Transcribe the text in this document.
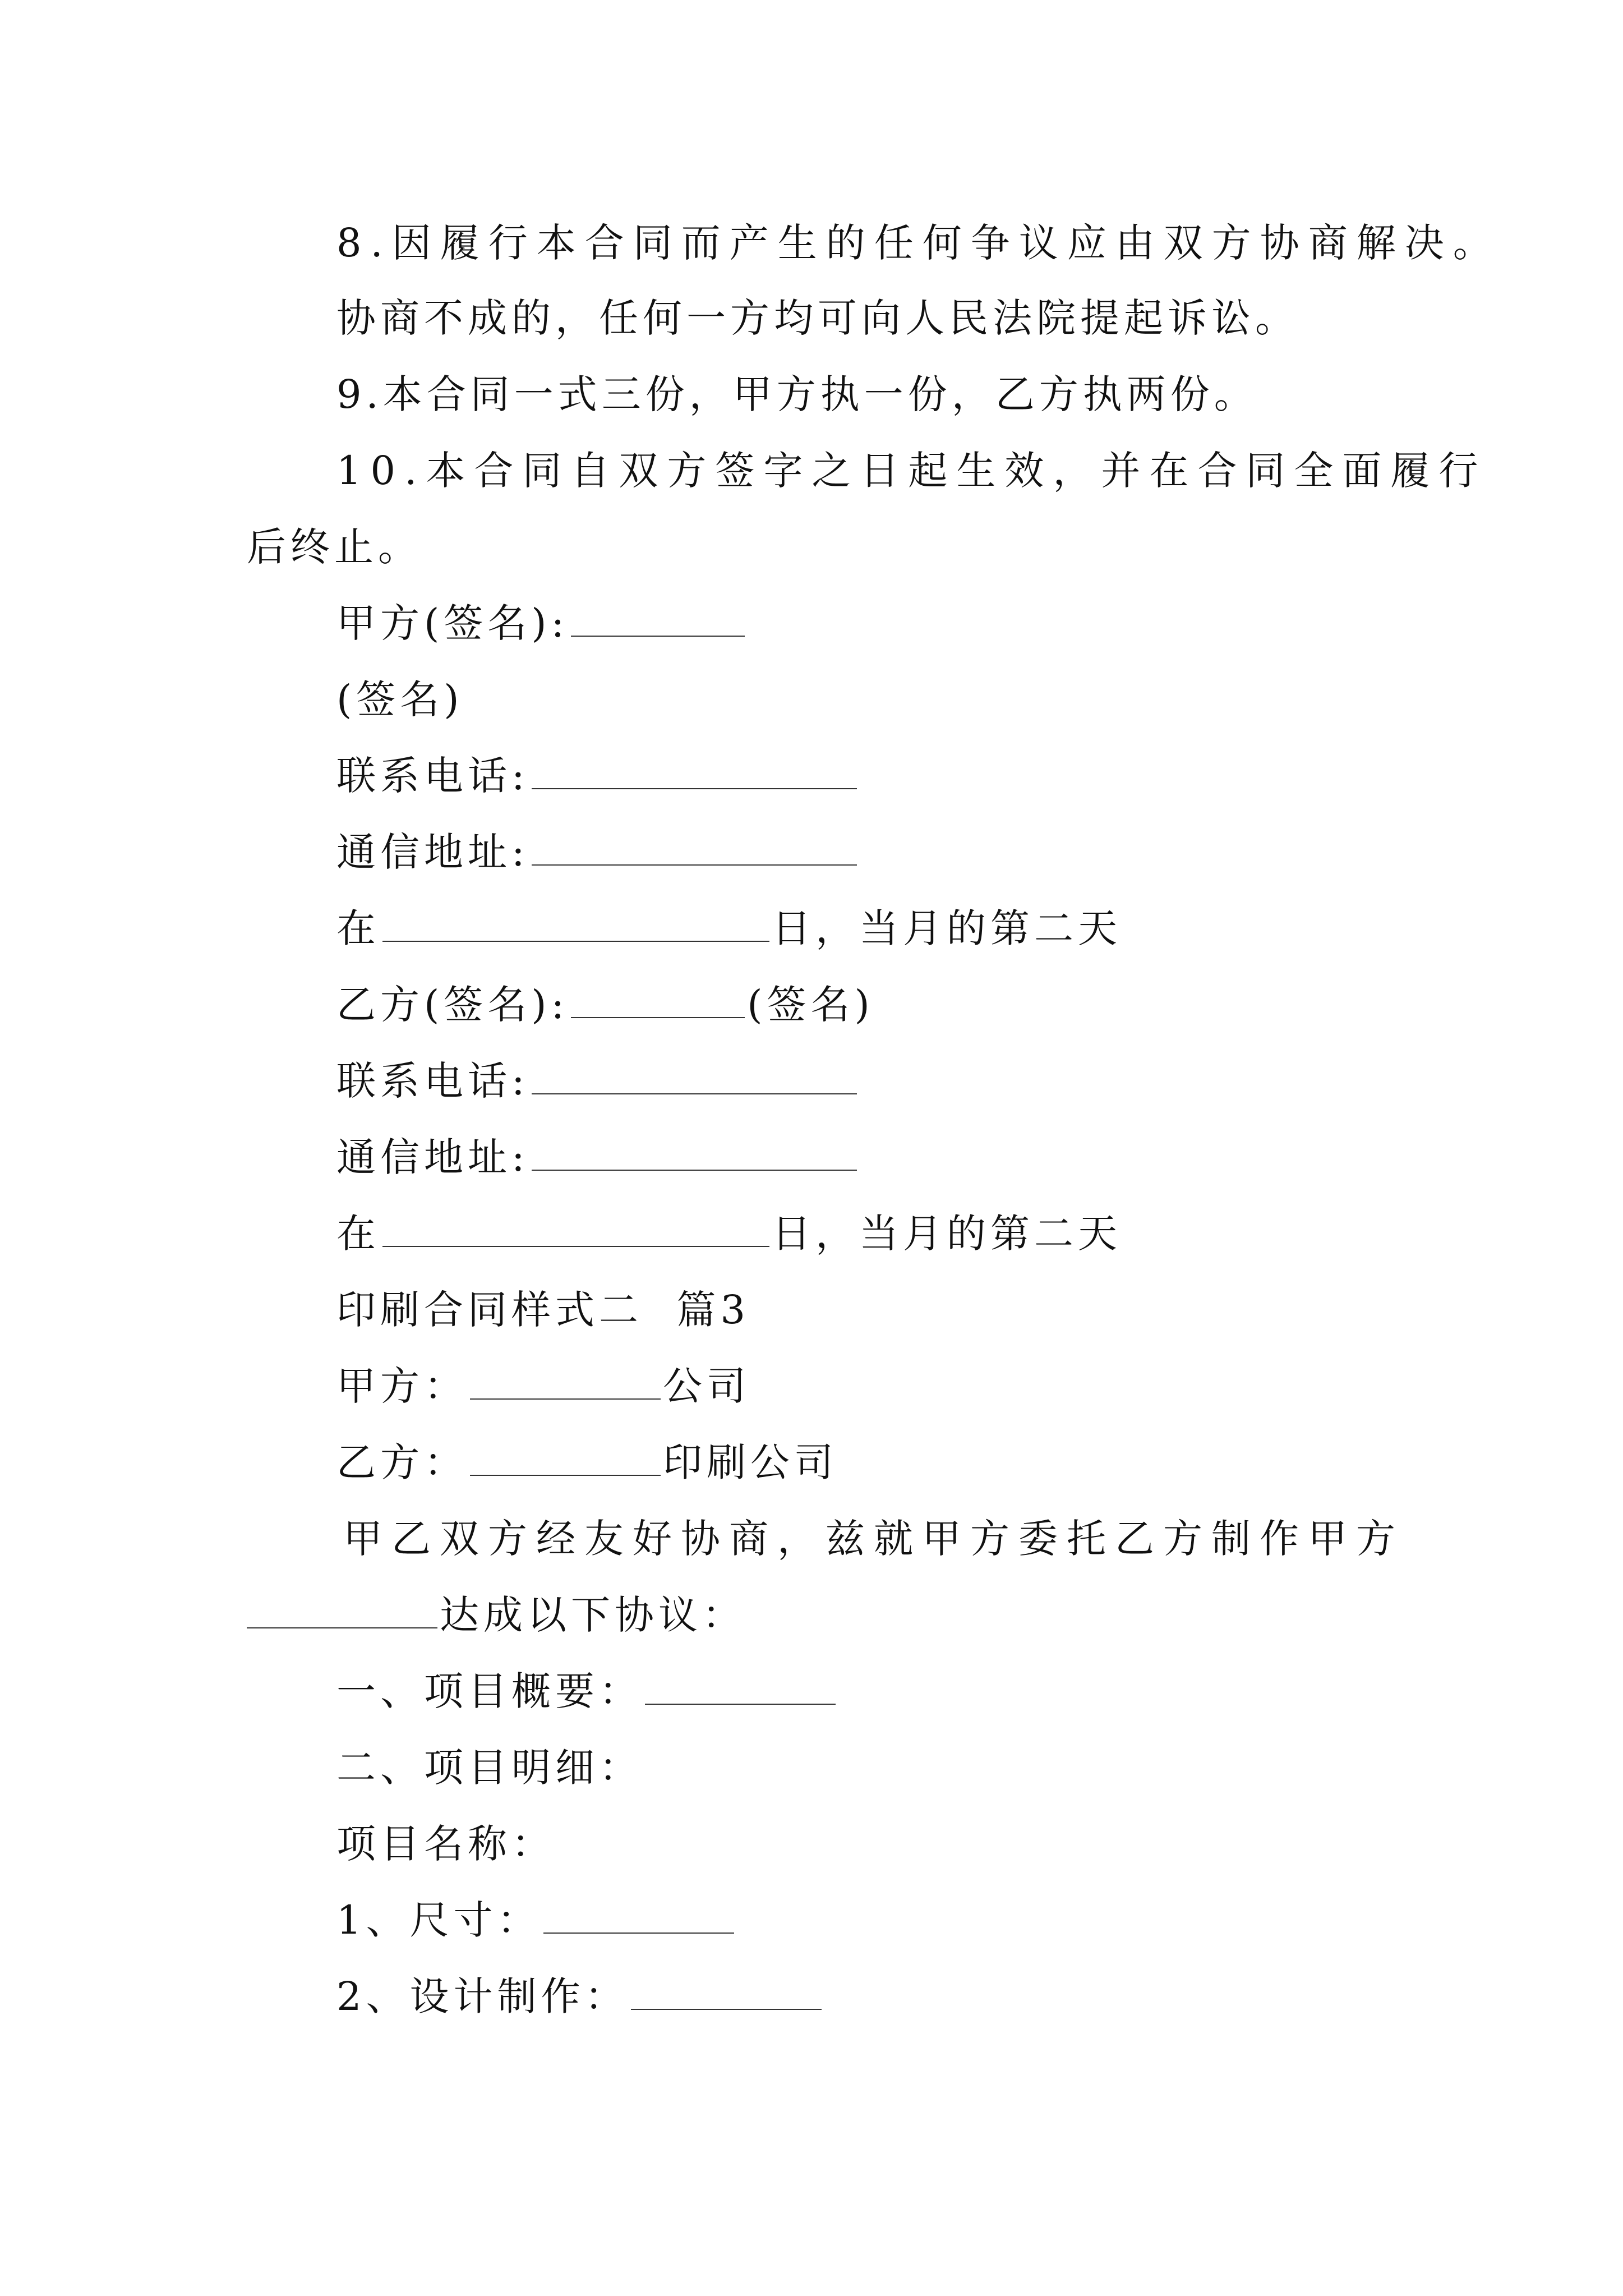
8.因履行本合同而产生的任何争议应由双方协商解决。
协商不成的，任何一方均可向人民法院提起诉讼。
9.本合同一式三份，甲方执一份，乙方执两份。
10.本合同自双方签字之日起生效，并在合同全面履行
后终止。
甲方(签名):
(签名)
联系电话:
通信地址:
在	日，当月的第二天
乙方(签名):	(签名)
联系电话:
通信地址:
在	日，当月的第二天
印刷合同样式二  篇3
甲方：	公司
乙方：	印刷公司
甲乙双方经友好协商，兹就甲方委托乙方制作甲方
达成以下协议：
一、项目概要：
二、项目明细：
项目名称：
1、尺寸：
2、设计制作：
